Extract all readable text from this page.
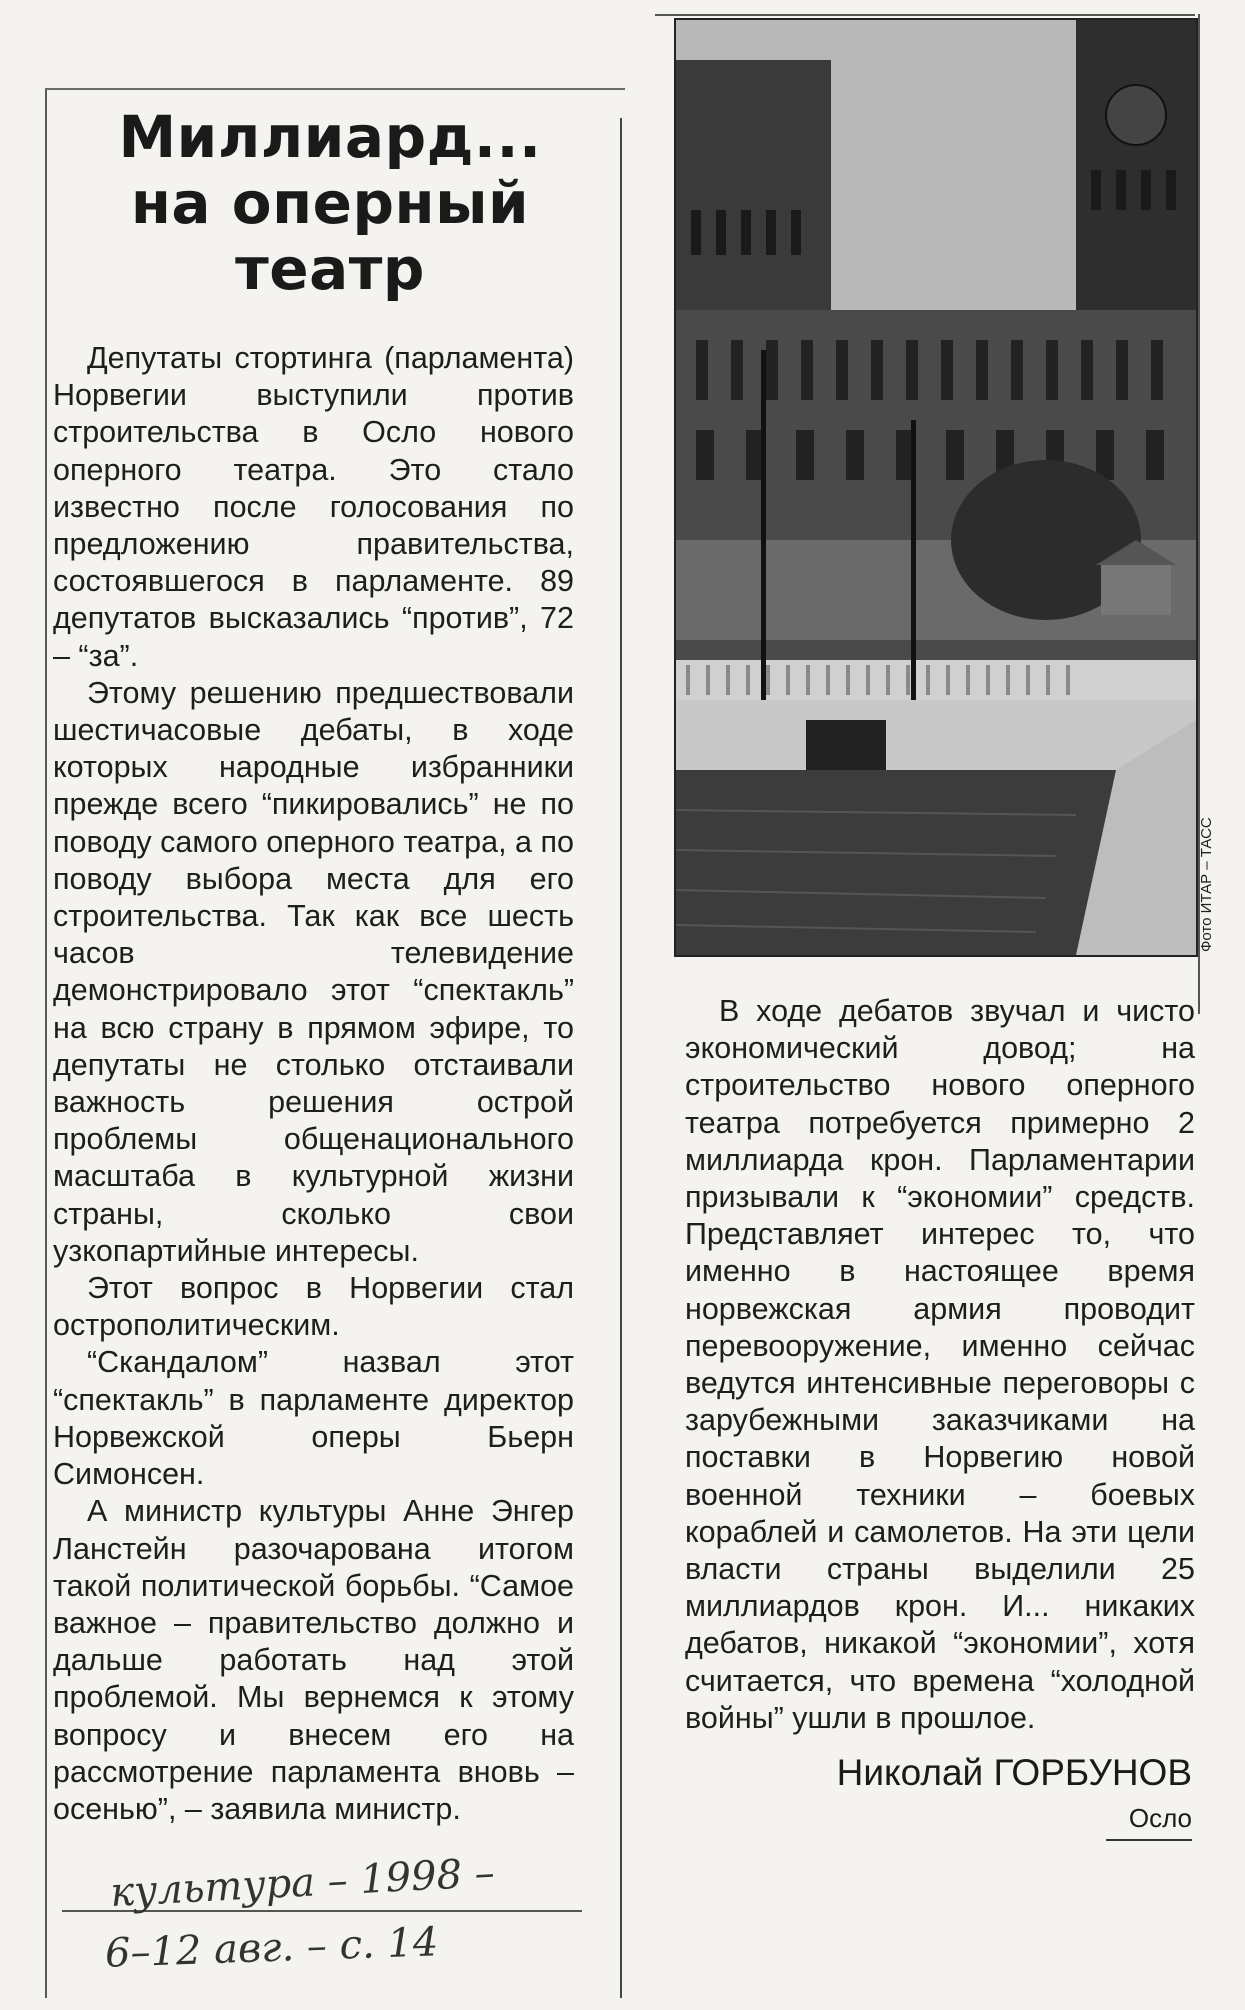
Миллиард...
на оперный
театр

Депутаты стортинга (парламента) Норвегии выступили против строительства в Осло нового оперного театра. Это стало известно после голосования по предложению правительства, состоявшегося в парламенте. 89 депутатов высказались “против”, 72 – “за”.

Этому решению предшествовали шестичасовые дебаты, в ходе которых народные избранники прежде всего “пикировались” не по поводу самого оперного театра, а по поводу выбора места для его строительства. Так как все шесть часов телевидение демонстрировало этот “спектакль” на всю страну в прямом эфире, то депутаты не столько отстаивали важность решения острой проблемы общенационального масштаба в культурной жизни страны, сколько свои узкопартийные интересы.

Этот вопрос в Норвегии стал острополитическим.

“Скандалом” назвал этот “спектакль” в парламенте директор Норвежской оперы Бьерн Симонсен.

А министр культуры Анне Энгер Ланстейн разочарована итогом такой политической борьбы. “Самое важное – правительство должно и дальше работать над этой проблемой. Мы вернемся к этому вопросу и внесем его на рассмотрение парламента вновь – осенью”, – заявила министр.

Фото ИТАР – ТАСС

В ходе дебатов звучал и чисто экономический довод; на строительство нового оперного театра потребуется примерно 2 миллиарда крон. Парламентарии призывали к “экономии” средств. Представляет интерес то, что именно в настоящее время норвежская армия проводит перевооружение, именно сейчас ведутся интенсивные переговоры с зарубежными заказчиками на поставки в Норвегию новой военной техники – боевых кораблей и самолетов. На эти цели власти страны выделили 25 миллиардов крон. И... никаких дебатов, никакой “экономии”, хотя считается, что времена “холодной войны” ушли в прошлое.

Николай ГОРБУНОВ

Осло
культура – 1998 –
6–12 авг. – с. 14
